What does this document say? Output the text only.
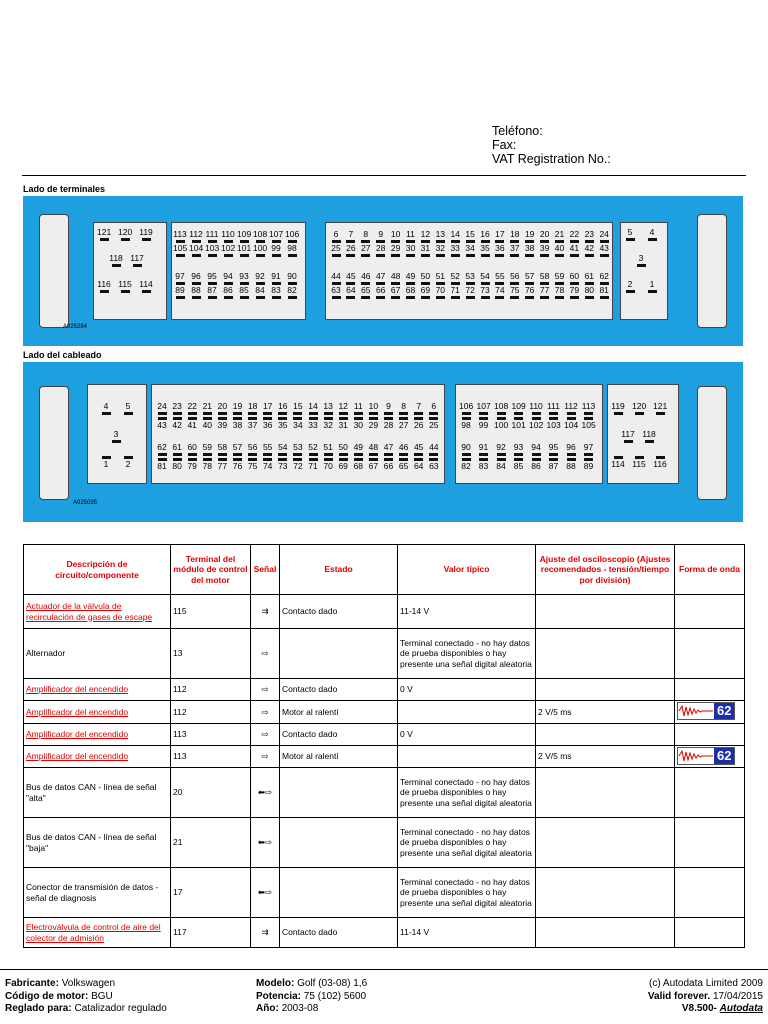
Teléfono:
Fax:
VAT Registration No.:
Lado de terminales
A025284
121 120 119
118 117
116 115 114
113 112 111 110 109 108 107 106
105 104 103 102 101 100 99 98
97 96 95 94 93 92 91 90
89 88 87 86 85 84 83 82
6	7	8	9 10 11 12 13 14 15 16 17 18 19 20 21 22 23 24
25 26 27 28 29 30 31 32 33 34 35 36 37 38 39 40 41 42 43
44 45 46 47 48 49 50 51 52 53 54 55 56 57 58 59 60 61 62
63 64 65 66 67 68 69 70 71 72 73 74 75 76 77 78 79 80 81
5	4
3
2	1
Lado del cableado
A025035
4	5
3
1	2
24 23 22 21 20 19 18 17 16 15 14 13 12 11 10 9	8	7	6
43 42 41 40 39 38 37 36 35 34 33 32 31 30 29 28 27 26 25
62 61 60 59 58 57 56 55 54 53 52 51 50 49 48 47 46 45 44
81 80 79 78 77 76 75 74 73 72 71 70 69 68 67 66 65 64 63
106 107 108 109 110 111 112 113
98 99 100 101 102 103 104 105
90 91 92 93 94 95 96 97
82 83 84 85 86 87 88 89
119 120 121
117 118
114 115 116
Descripción de circuito/componente	Terminal del módulo de control del motor	Señal	Estado	Valor típico	Ajuste del osciloscopio (Ajustes recomendados - tensión/tiempo por división)	Forma de onda
Actuador de la válvula de recirculación de gases de escape	115	⇉	Contacto dado	11-14 V		
Alternador	13	⇨		Terminal conectado - no hay datos de prueba disponibles o hay presente una señal digital aleatoria		
Amplificador del encendido	112	⇨	Contacto dado	0 V		
Amplificador del encendido	112	⇨	Motor al ralentí		2 V/5 ms	62

Amplificador del encendido	113	⇨	Contacto dado	0 V		
Amplificador del encendido	113	⇨	Motor al ralentí		2 V/5 ms	62

Bus de datos CAN - línea de señal "alta"	20	⬅⇨		Terminal conectado - no hay datos de prueba disponibles o hay presente una señal digital aleatoria		
Bus de datos CAN - línea de señal "baja"	21	⬅⇨		Terminal conectado - no hay datos de prueba disponibles o hay presente una señal digital aleatoria		
Conector de transmisión de datos - señal de diagnosis	17	⬅⇨		Terminal conectado - no hay datos de prueba disponibles o hay presente una señal digital aleatoria		
Electroválvula de control de aire del colector de admisión	117	⇉	Contacto dado	11-14 V		
Fabricante: Volkswagen
Código de motor: BGU
Reglado para: Catalizador regulado
Modelo: Golf (03-08) 1,6
Potencia: 75 (102) 5600
Año: 2003-08
(c) Autodata Limited 2009
Valid forever. 17/04/2015
V8.500- Autodata
